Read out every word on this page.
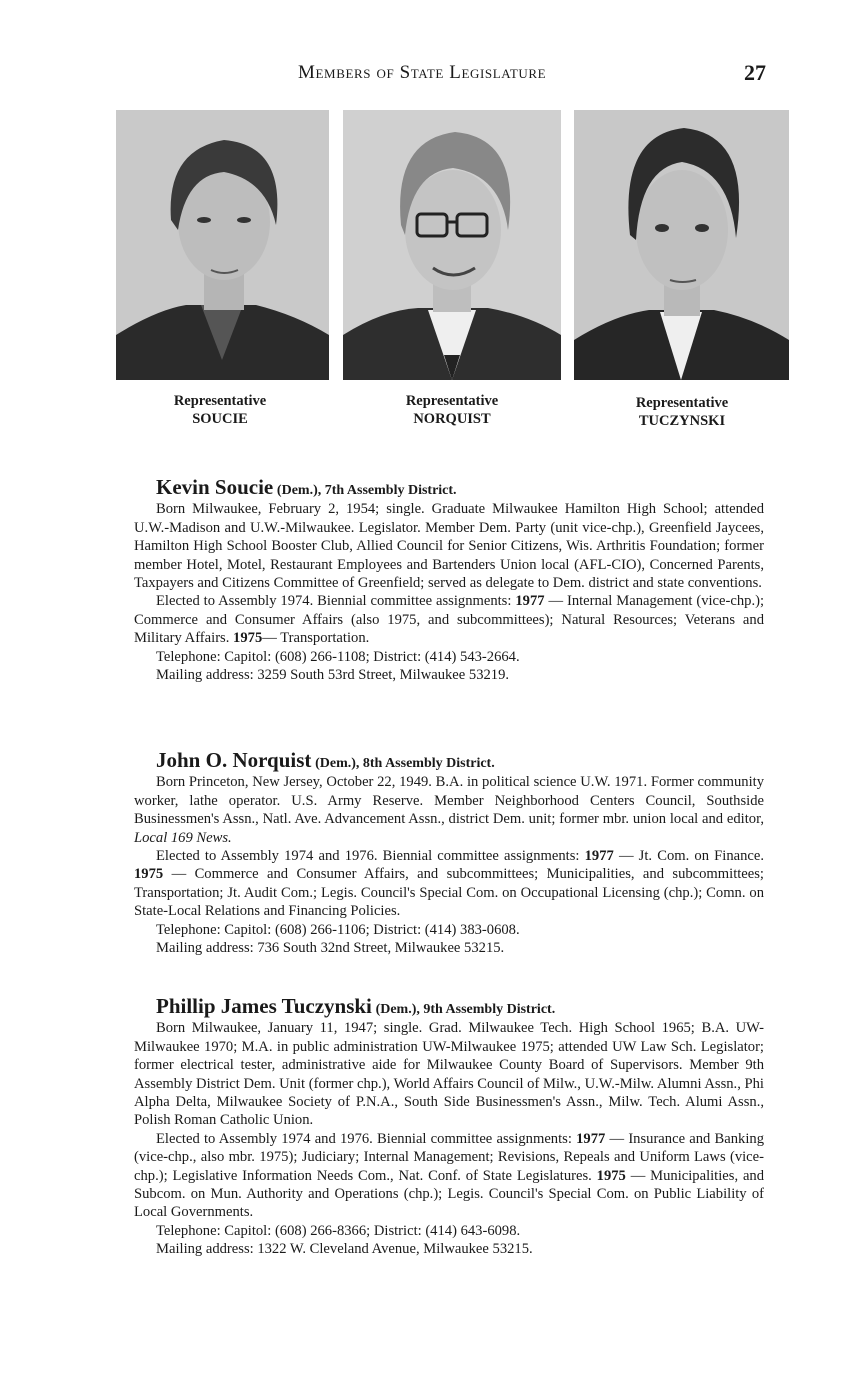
Members of State Legislature	27
Representative
SOUCIE
Representative
NORQUIST
Representative
TUCZYNSKI

Kevin Soucie (Dem.), 7th Assembly District.

Born Milwaukee, February 2, 1954; single. Graduate Milwaukee Hamilton High School; attended U.W.-Madison and U.W.-Milwaukee. Legislator. Member Dem. Party (unit vice-chp.), Greenfield Jaycees, Hamilton High School Booster Club, Allied Council for Senior Citizens, Wis. Arthritis Foundation; former member Hotel, Motel, Restaurant Employees and Bartenders Union local (AFL-CIO), Concerned Parents, Taxpayers and Citizens Committee of Greenfield; served as delegate to Dem. district and state conventions.

Elected to Assembly 1974. Biennial committee assignments: 1977 — Internal Management (vice-chp.); Commerce and Consumer Affairs (also 1975, and subcommittees); Natural Resources; Veterans and Military Affairs. 1975— Transportation.

Telephone: Capitol: (608) 266-1108; District: (414) 543-2664.

Mailing address: 3259 South 53rd Street, Milwaukee 53219.

John O. Norquist (Dem.), 8th Assembly District.

Born Princeton, New Jersey, October 22, 1949. B.A. in political science U.W. 1971. Former community worker, lathe operator. U.S. Army Reserve. Member Neighborhood Centers Council, Southside Businessmen's Assn., Natl. Ave. Advancement Assn., district Dem. unit; former mbr. union local and editor, Local 169 News.

Elected to Assembly 1974 and 1976. Biennial committee assignments: 1977 — Jt. Com. on Finance. 1975 — Commerce and Consumer Affairs, and subcommittees; Municipalities, and subcommittees; Transportation; Jt. Audit Com.; Legis. Council's Special Com. on Occupational Licensing (chp.); Comn. on State-Local Relations and Financing Policies.

Telephone: Capitol: (608) 266-1106; District: (414) 383-0608.

Mailing address: 736 South 32nd Street, Milwaukee 53215.

Phillip James Tuczynski (Dem.), 9th Assembly District.

Born Milwaukee, January 11, 1947; single. Grad. Milwaukee Tech. High School 1965; B.A. UW-Milwaukee 1970; M.A. in public administration UW-Milwaukee 1975; attended UW Law Sch. Legislator; former electrical tester, administrative aide for Milwaukee County Board of Supervisors. Member 9th Assembly District Dem. Unit (former chp.), World Affairs Council of Milw., U.W.-Milw. Alumni Assn., Phi Alpha Delta, Milwaukee Society of P.N.A., South Side Businessmen's Assn., Milw. Tech. Alumi Assn., Polish Roman Catholic Union.

Elected to Assembly 1974 and 1976. Biennial committee assignments: 1977 — Insurance and Banking (vice-chp., also mbr. 1975); Judiciary; Internal Management; Revisions, Repeals and Uniform Laws (vice-chp.); Legislative Information Needs Com., Nat. Conf. of State Legislatures. 1975 — Municipalities, and Subcom. on Mun. Authority and Operations (chp.); Legis. Council's Special Com. on Public Liability of Local Governments.

Telephone: Capitol: (608) 266-8366; District: (414) 643-6098.

Mailing address: 1322 W. Cleveland Avenue, Milwaukee 53215.
